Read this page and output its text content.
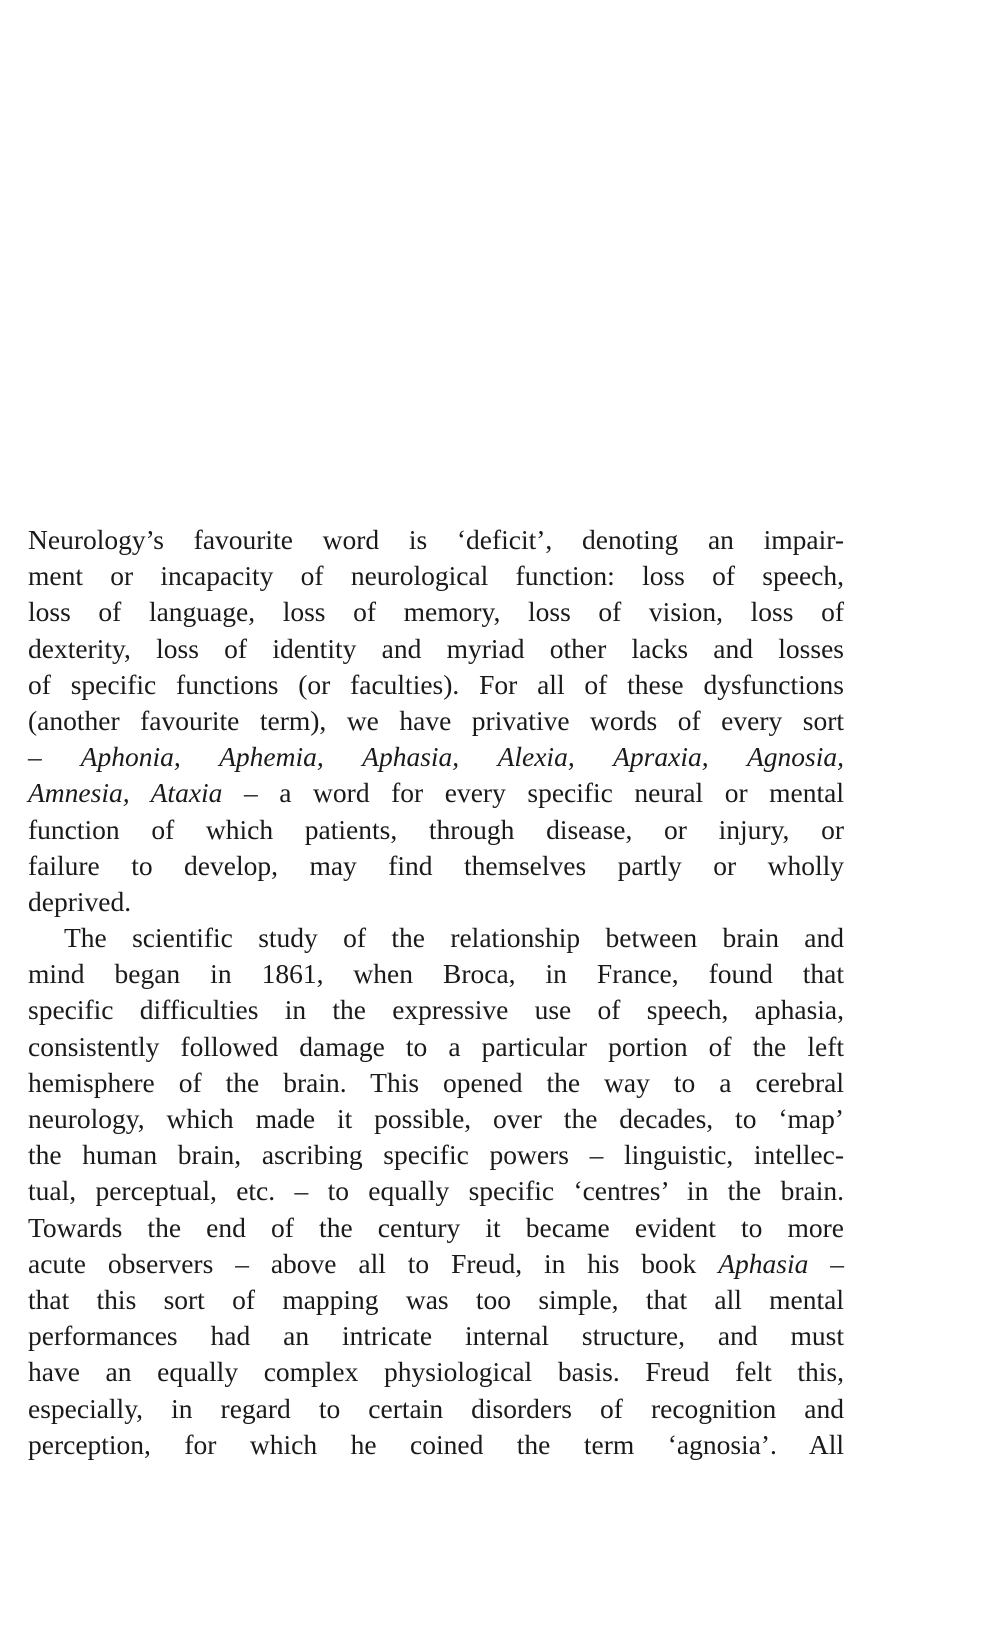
Neurology’s favourite word is ‘deficit’, denoting an impair-
ment or incapacity of neurological function: loss of speech,
loss of language, loss of memory, loss of vision, loss of
dexterity, loss of identity and myriad other lacks and losses
of specific functions (or faculties). For all of these dysfunctions
(another favourite term), we have privative words of every sort
– Aphonia, Aphemia, Aphasia, Alexia, Apraxia, Agnosia,
Amnesia, Ataxia – a word for every specific neural or mental
function of which patients, through disease, or injury, or
failure to develop, may find themselves partly or wholly
deprived.
The scientific study of the relationship between brain and
mind began in 1861, when Broca, in France, found that
specific difficulties in the expressive use of speech, aphasia,
consistently followed damage to a particular portion of the left
hemisphere of the brain. This opened the way to a cerebral
neurology, which made it possible, over the decades, to ‘map’
the human brain, ascribing specific powers – linguistic, intellec-
tual, perceptual, etc. – to equally specific ‘centres’ in the brain.
Towards the end of the century it became evident to more
acute observers – above all to Freud, in his book Aphasia –
that this sort of mapping was too simple, that all mental
performances had an intricate internal structure, and must
have an equally complex physiological basis. Freud felt this,
especially, in regard to certain disorders of recognition and
perception, for which he coined the term ‘agnosia’. All
